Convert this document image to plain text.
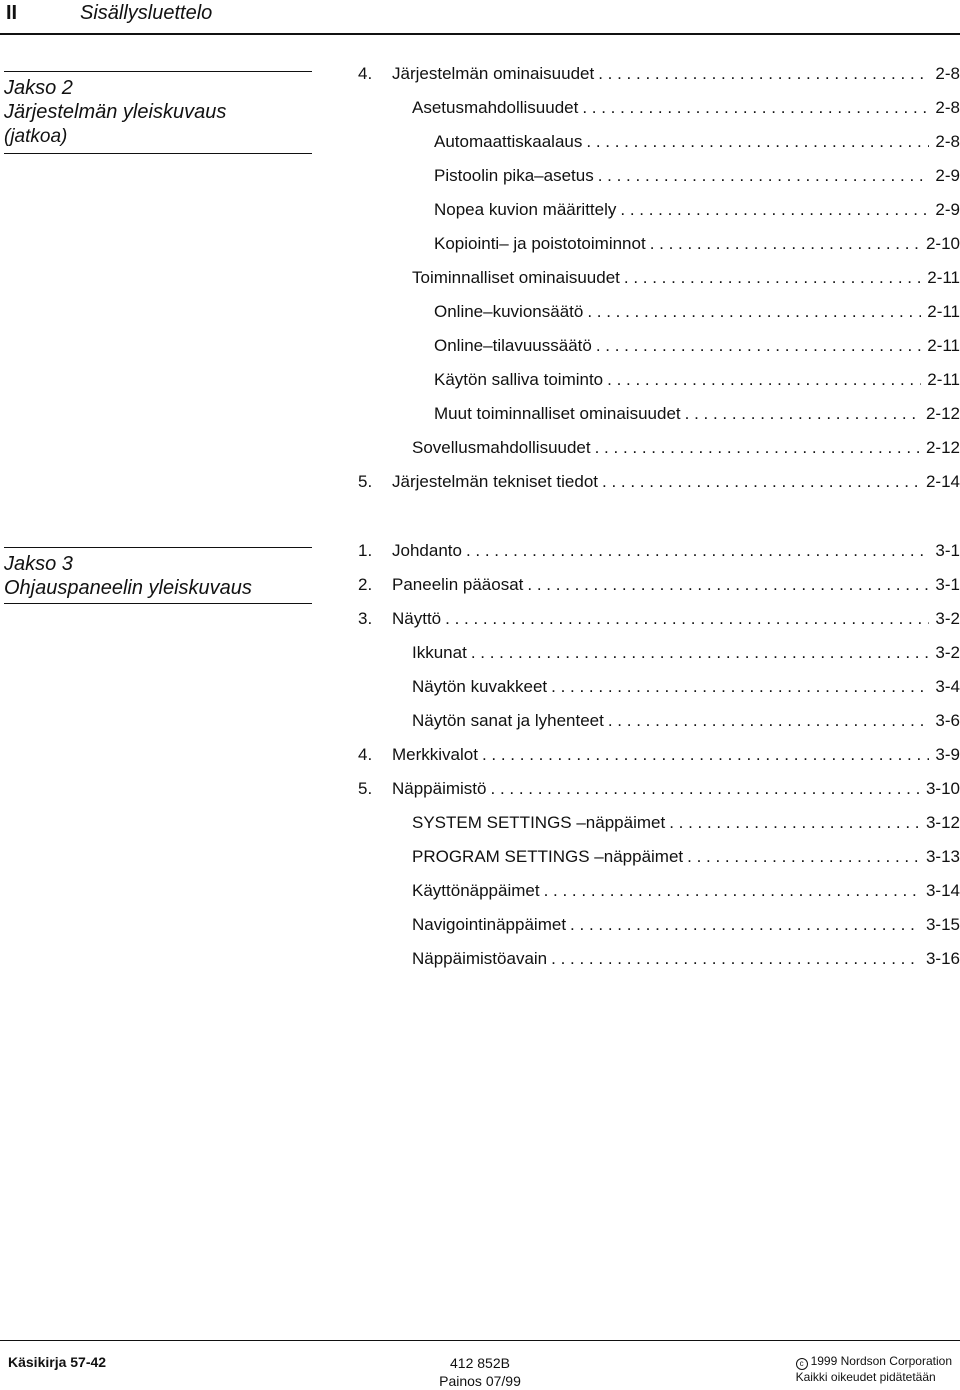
II	Sisällysluettelo
Jakso 2
Järjestelmän yleiskuvaus
(jatkoa)
4. Järjestelmän ominaisuudet . . .	2-8
Asetusmahdollisuudet . . .	2-8
Automaattiskaalaus . . .	2-8
Pistoolin pika–asetus . . .	2-9
Nopea kuvion määrittely . . .	2-9
Kopiointi– ja poistotoiminnot . . .	2-10
Toiminnalliset ominaisuudet . . .	2-11
Online–kuvionsäätö . . .	2-11
Online–tilavuussäätö . . .	2-11
Käytön salliva toiminto . . .	2-11
Muut toiminnalliset ominaisuudet . . .	2-12
Sovellusmahdollisuudet . . .	2-12
5. Järjestelmän tekniset tiedot . . .	2-14
Jakso 3
Ohjauspaneelin yleiskuvaus
1. Johdanto . . .	3-1
2. Paneelin pääosat . . .	3-1
3. Näyttö . . .	3-2
Ikkunat . . .	3-2
Näytön kuvakkeet . . .	3-4
Näytön sanat ja lyhenteet . . .	3-6
4. Merkkivalot . . .	3-9
5. Näppäimistö . . .	3-10
SYSTEM SETTINGS –näppäimet . . .	3-12
PROGRAM SETTINGS –näppäimet . . .	3-13
Käyttönäppäimet . . .	3-14
Navigointinäppäimet . . .	3-15
Näppäimistöavain . . .	3-16
Käsikirja 57-42	412 852B
Painos 07/99
c 1999 Nordson Corporation
Kaikki oikeudet pidätetään
